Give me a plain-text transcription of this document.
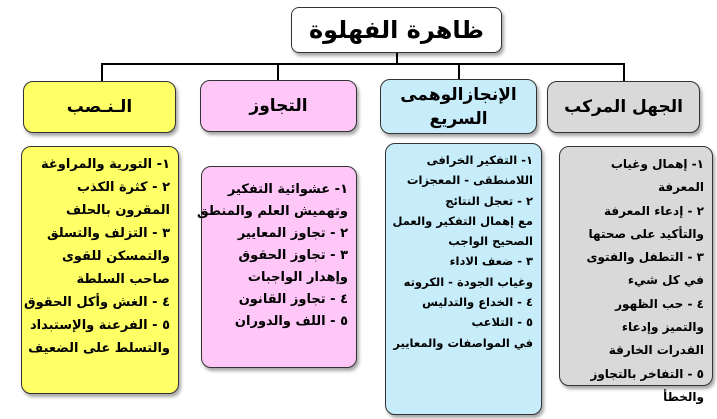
ظاهرة الفهلوة
الـنـصب	التجاوز
الإنجازالوهمى
السريع
الجهل المركب
١- التورية والمراوغة
٢ - كثرة الكذب
المقرون بالحلف
٣ - التزلف والتسلق
والتمسكن للقوى
صاحب السلطة
٤ - الغش وأكل الحقوق
٥ - الفرعنة والإستبداد
والتسلط على الضعيف
١- عشوائية التفكير
وتهميش العلم والمنطق
٢ - تجاوز المعايير
٣ - تجاوز الحقوق
وإهدار الواجبات
٤ - تجاوز القانون
٥ - اللف والدوران
١- التفكير الخرافى
اللامنطقى - المعجزات
٢ - تعجل النتائج
مع إهمال التفكير والعمل
الصحيح الواجب
٣ - ضعف الاداء
وغياب الجودة - الكروته
٤ - الخداع والتدليس
٥ - التلاعب
في المواصفات والمعايير
١- إهمال وغياب
المعرفة
٢ - إدعاء المعرفة
والتأكيد على صحتها
٣ - التطفل والفتوى
في كل شيء
٤ - حب الظهور
والتميز وإدعاء
القدرات الخارقة
٥ - التفاخر بالتجاوز
والخطأ
